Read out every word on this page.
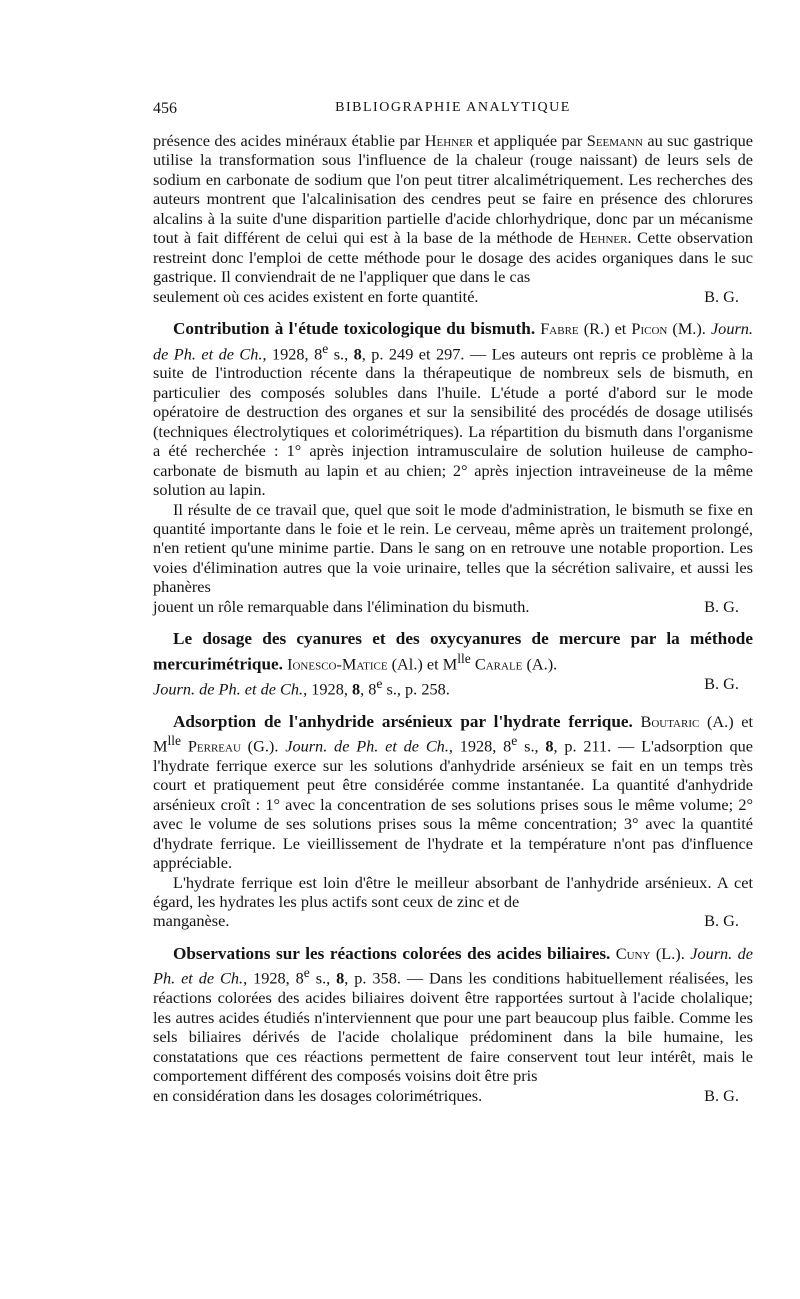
456	BIBLIOGRAPHIE ANALYTIQUE

présence des acides minéraux établie par Hehner et appliquée par Seemann au suc gastrique utilise la transformation sous l'influence de la chaleur (rouge naissant) de leurs sels de sodium en carbonate de sodium que l'on peut titrer alcalimétriquement. Les recherches des auteurs montrent que l'alcalinisation des cendres peut se faire en présence des chlorures alcalins à la suite d'une disparition partielle d'acide chlorhydrique, donc par un mécanisme tout à fait différent de celui qui est à la base de la méthode de Hehner. Cette observation restreint donc l'emploi de cette méthode pour le dosage des acides organiques dans le suc gastrique. Il conviendrait de ne l'appliquer que dans le cas

seulement où ces acides existent en forte quantité.	B. G.

Contribution à l'étude toxicologique du bismuth. Fabre (R.) et Picon (M.). Journ. de Ph. et de Ch., 1928, 8e s., 8, p. 249 et 297. — Les auteurs ont repris ce problème à la suite de l'introduction récente dans la thérapeutique de nombreux sels de bismuth, en particulier des composés solubles dans l'huile. L'étude a porté d'abord sur le mode opératoire de destruction des organes et sur la sensibilité des procédés de dosage utilisés (techniques électrolytiques et colorimétriques). La répartition du bismuth dans l'organisme a été recherchée : 1° après injection intramusculaire de solution huileuse de campho-carbonate de bismuth au lapin et au chien; 2° après injection intraveineuse de la même solution au lapin.

Il résulte de ce travail que, quel que soit le mode d'administration, le bismuth se fixe en quantité importante dans le foie et le rein. Le cerveau, même après un traitement prolongé, n'en retient qu'une minime partie. Dans le sang on en retrouve une notable proportion. Les voies d'élimination autres que la voie urinaire, telles que la sécrétion salivaire, et aussi les phanères

jouent un rôle remarquable dans l'élimination du bismuth.	B. G.

Le dosage des cyanures et des oxycyanures de mercure par la méthode mercurimétrique. Ionesco-Matice (Al.) et $M^{lle}$ Carale (A.).

Journ. de Ph. et de Ch., 1928, 8, 8e s., p. 258.	B. G.

Adsorption de l'anhydride arsénieux par l'hydrate ferrique. Boutaric (A.) et $M^{lle}$ Perreau (G.). Journ. de Ph. et de Ch., 1928, 8e s., 8, p. 211. — L'adsorption que l'hydrate ferrique exerce sur les solutions d'anhydride arsénieux se fait en un temps très court et pratiquement peut être considérée comme instantanée. La quantité d'anhydride arsénieux croît : 1° avec la concentration de ses solutions prises sous le même volume; 2° avec le volume de ses solutions prises sous la même concentration; 3° avec la quantité d'hydrate ferrique. Le vieillissement de l'hydrate et la température n'ont pas d'influence appréciable.

L'hydrate ferrique est loin d'être le meilleur absorbant de l'anhydride arsénieux. A cet égard, les hydrates les plus actifs sont ceux de zinc et de

manganèse.	B. G.

Observations sur les réactions colorées des acides biliaires. Cuny (L.). Journ. de Ph. et de Ch., 1928, 8e s., 8, p. 358. — Dans les conditions habituellement réalisées, les réactions colorées des acides biliaires doivent être rapportées surtout à l'acide cholalique; les autres acides étudiés n'interviennent que pour une part beaucoup plus faible. Comme les sels biliaires dérivés de l'acide cholalique prédominent dans la bile humaine, les constatations que ces réactions permettent de faire conservent tout leur intérêt, mais le comportement différent des composés voisins doit être pris

en considération dans les dosages colorimétriques.	B. G.
